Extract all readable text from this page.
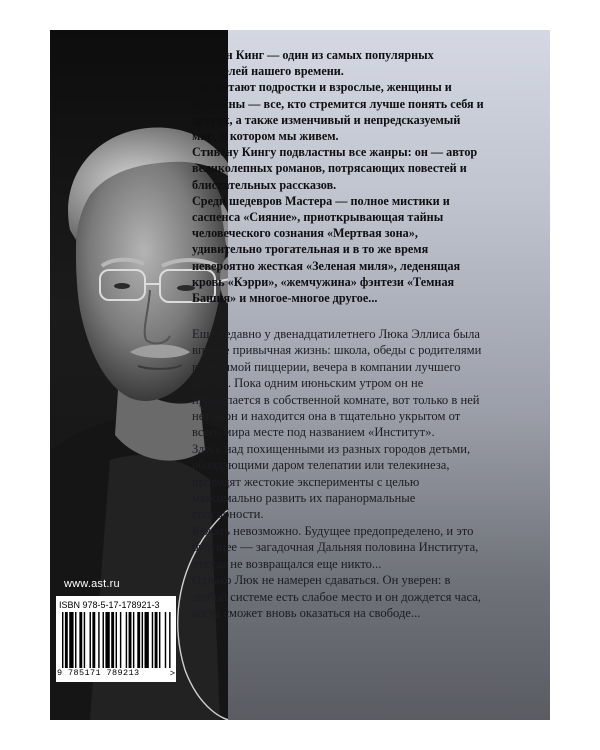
Стивен Кинг — один из самых популярных писателей нашего времени.

Его читают подростки и взрослые, женщины и мужчины — все, кто стремится лучше понять себя и других, а также изменчивый и непредсказуемый мир, в котором мы живем.

Стивену Кингу подвластны все жанры: он — автор великолепных романов, потрясающих повестей и блистательных рассказов.

Среди шедевров Мастера — полное мистики и саспенса «Сияние», приоткрывающая тайны человеческого сознания «Мертвая зона», удивительно трогательная и в то же время невероятно жесткая «Зеленая миля», леденящая кровь «Кэрри», «жемчужина» фэнтези «Темная Башня» и многое-многое другое...

Еще недавно у двенадцатилетнего Люка Эллиса была вполне привычная жизнь: школа, обеды с родителями в любимой пиццерии, вечера в компании лучшего друга... Пока одним июньским утром он не просыпается в собственной комнате, вот только в ней нет окон и находится она в тщательно укрытом от всего мира месте под названием «Институт».

Здесь над похищенными из разных городов детьми, обладающими даром телепатии или телекинеза, проводят жестокие эксперименты с целью максимально развить их паранормальные способности.

Бежать невозможно. Будущее предопределено, и это будущее — загадочная Дальняя половина Института, откуда не возвращался еще никто...

Однако Люк не намерен сдаваться. Он уверен: в любой системе есть слабое место и он дождется часа, когда сможет вновь оказаться на свободе...

www.ast.ru
ISBN 978-5-17-178921-3
9 785171 789213	>
